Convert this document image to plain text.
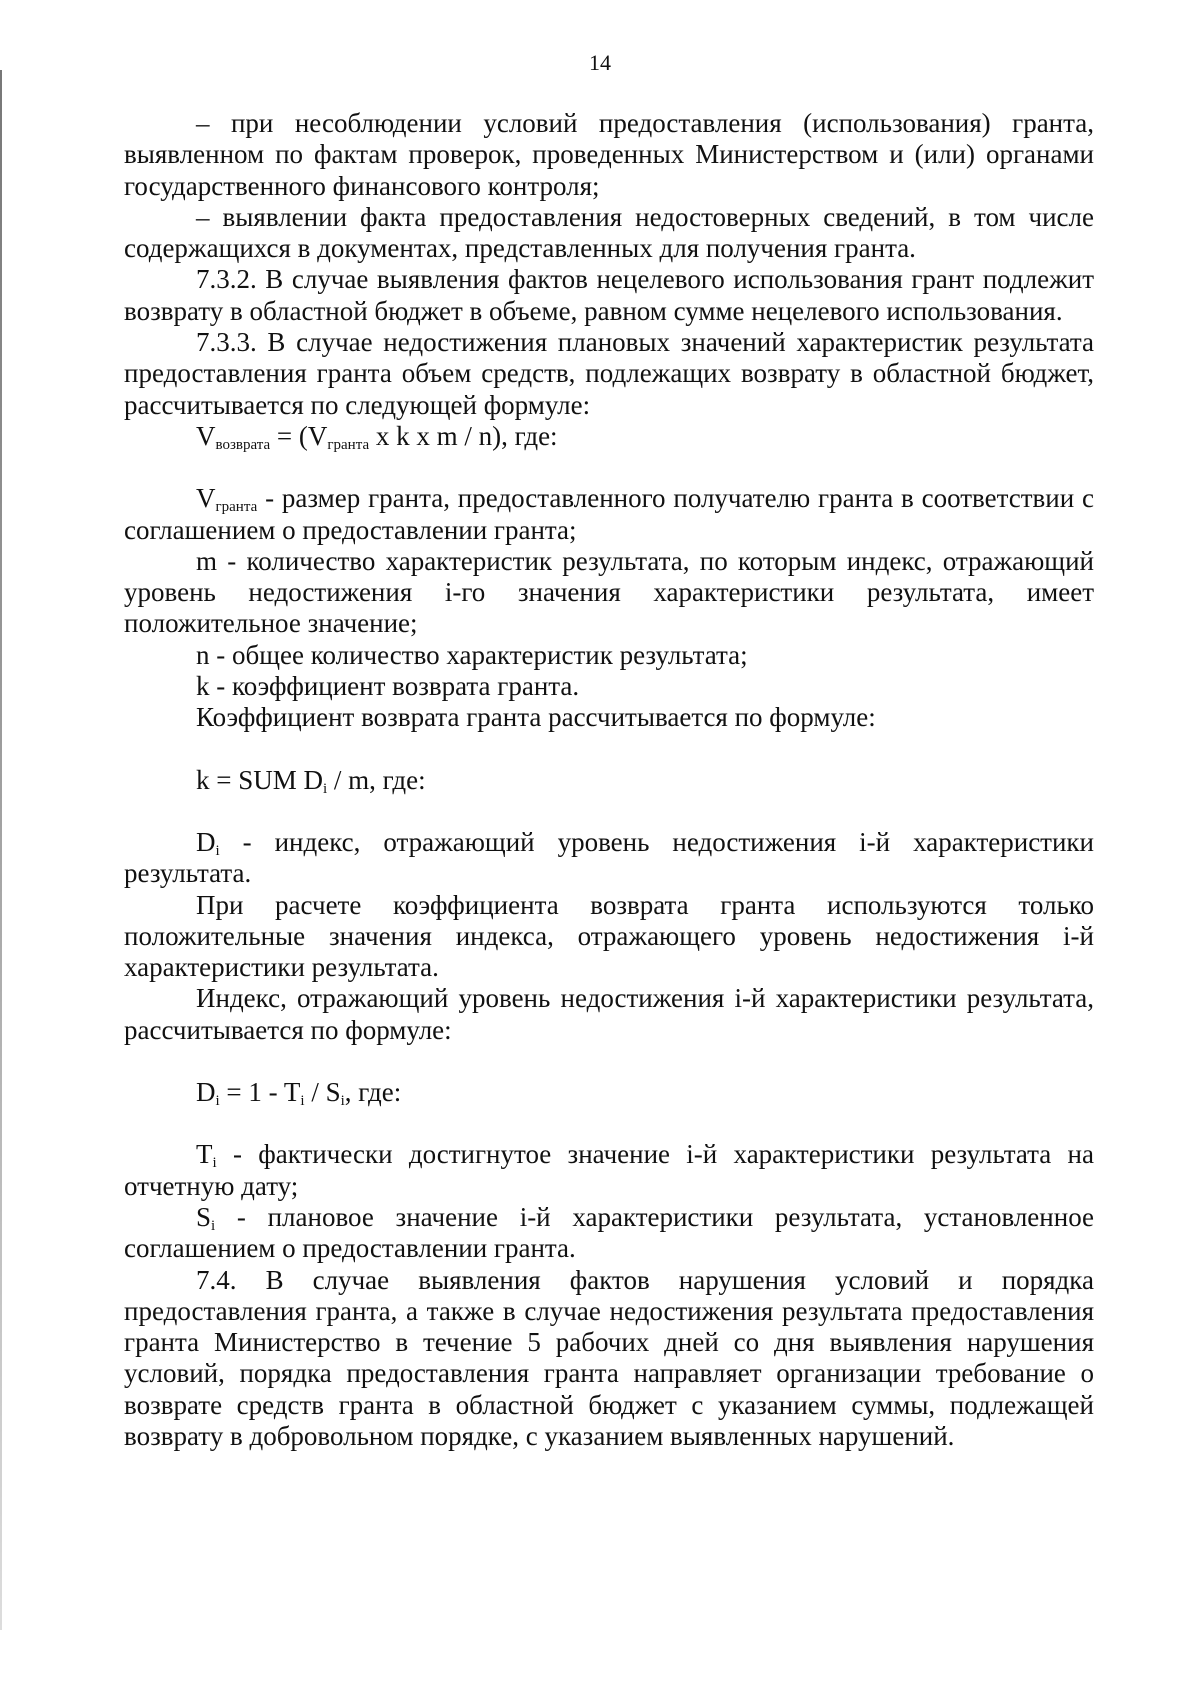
14

– при несоблюдении условий предоставления (использования) гранта, выявленном по фактам проверок, проведенных Министерством и (или) органами государственного финансового контроля;

– выявлении факта предоставления недостоверных сведений, в том числе содержащихся в документах, представленных для получения гранта.

7.3.2. В случае выявления фактов нецелевого использования грант подлежит возврату в областной бюджет в объеме, равном сумме нецелевого использования.

7.3.3. В случае недостижения плановых значений характеристик результата предоставления гранта объем средств, подлежащих возврату в областной бюджет, рассчитывается по следующей формуле:

$V_{возврата} = (V_{гранта}$ x k x m / n), где:

$V_{гранта}$ - размер гранта, предоставленного получателю гранта в соответствии с соглашением о предоставлении гранта;

m - количество характеристик результата, по которым индекс, отражающий уровень недостижения i-го значения характеристики результата, имеет положительное значение;

n - общее количество характеристик результата;

k - коэффициент возврата гранта.

Коэффициент возврата гранта рассчитывается по формуле:

k = SUM $D_i$ / m, где:

$D_i$ - индекс, отражающий уровень недостижения i-й характеристики результата.

При расчете коэффициента возврата гранта используются только положительные значения индекса, отражающего уровень недостижения i-й характеристики результата.

Индекс, отражающий уровень недостижения i-й характеристики результата, рассчитывается по формуле:

$D_i = 1 - T_i / S_i$, где:

$T_i$ - фактически достигнутое значение i-й характеристики результата на отчетную дату;

$S_i$ - плановое значение i-й характеристики результата, установленное соглашением о предоставлении гранта.

7.4. В случае выявления фактов нарушения условий и порядка предоставления гранта, а также в случае недостижения результата предоставления гранта Министерство в течение 5 рабочих дней со дня выявления нарушения условий, порядка предоставления гранта направляет организации требование о возврате средств гранта в областной бюджет с указанием суммы, подлежащей возврату в добровольном порядке, с указанием выявленных нарушений.
